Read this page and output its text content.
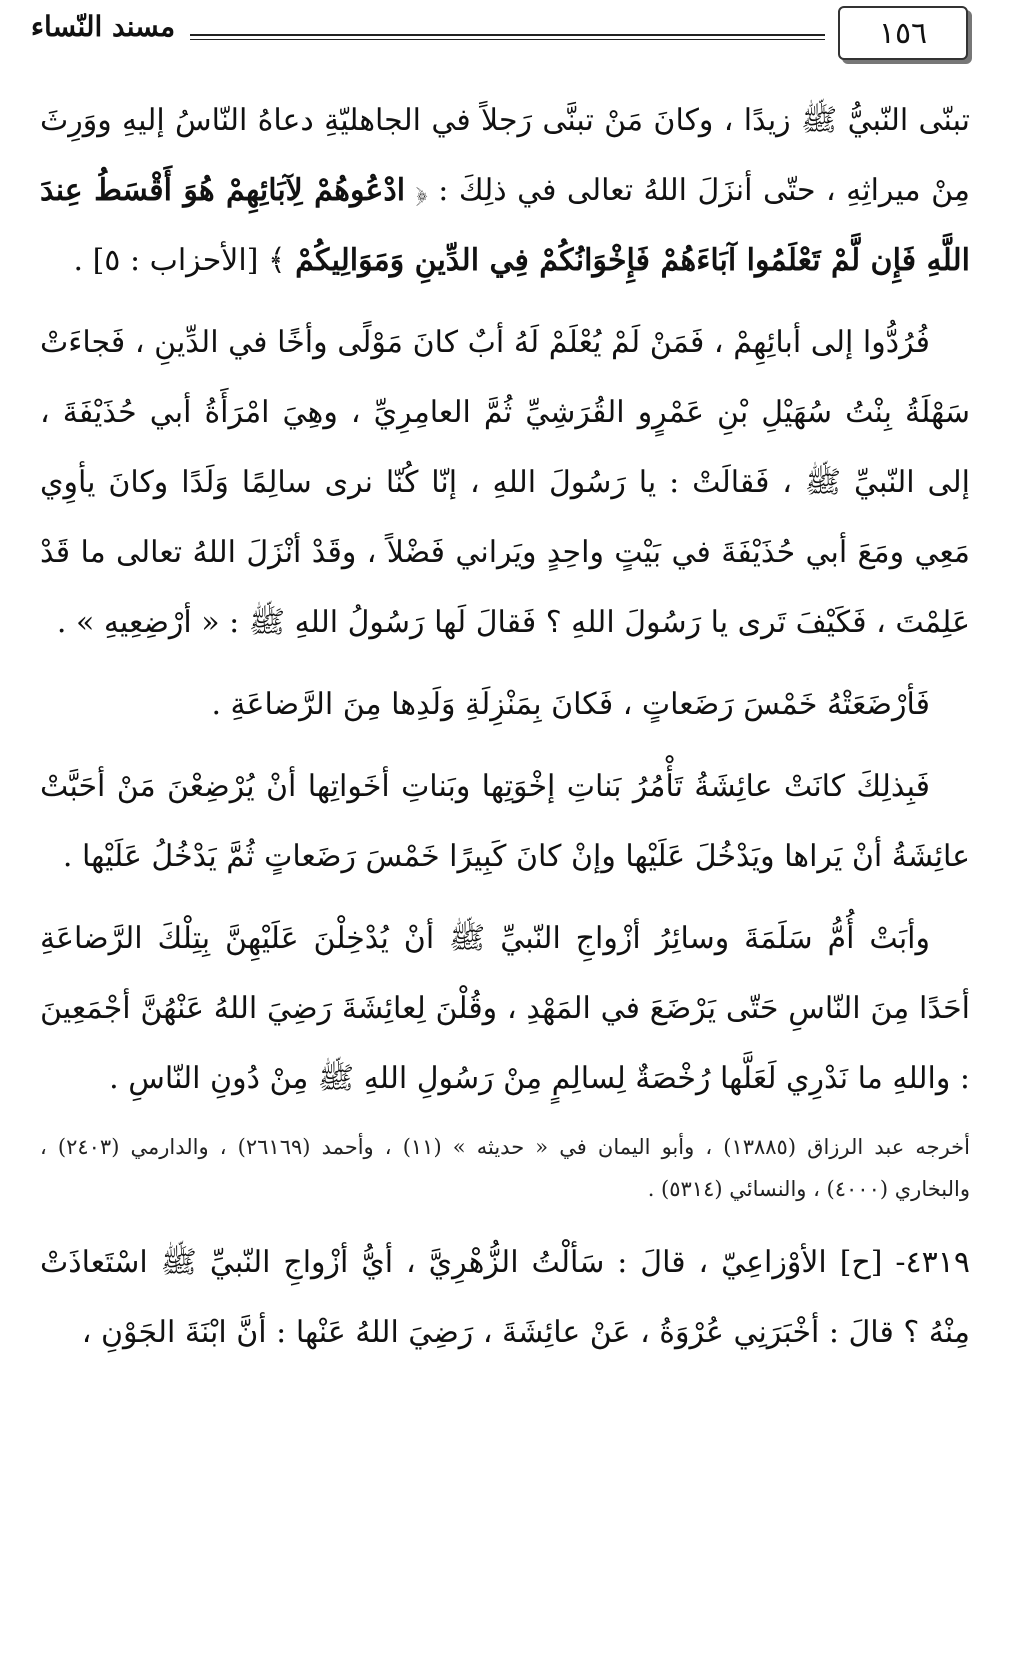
١٥٦
مسند النّساء

تبنّى النّبيُّ ﷺ زيدًا ، وكانَ مَنْ تبنَّى رَجلاً في الجاهليّةِ دعاهُ النّاسُ إليهِ ووَرِثَ مِنْ ميراثِهِ ، حتّى أنزَلَ اللهُ تعالى في ذلِكَ : ﴿ ادْعُوهُمْ لِآبَائِهِمْ هُوَ أَقْسَطُ عِندَ اللَّهِ فَإِن لَّمْ تَعْلَمُوا آبَاءَهُمْ فَإِخْوَانُكُمْ فِي الدِّينِ وَمَوَالِيكُمْ ﴾ [الأحزاب : ٥] .

فُرُدُّوا إلى أبائِهِمْ ، فَمَنْ لَمْ يُعْلَمْ لَهُ أبٌ كانَ مَوْلًى وأخًا في الدِّينِ ، فَجاءَتْ سَهْلَةُ بِنْتُ سُهَيْلِ بْنِ عَمْرٍو القُرَشِيِّ ثُمَّ العامِرِيِّ ، وهِيَ امْرَأَةُ أبي حُذَيْفَةَ ، إلى النّبيِّ ﷺ ، فَقالَتْ : يا رَسُولَ اللهِ ، إنّا كُنّا نرى سالِمًا وَلَدًا وكانَ يأوِي مَعِي ومَعَ أبي حُذَيْفَةَ في بَيْتٍ واحِدٍ ويَراني فَضْلاً ، وقَدْ أنْزَلَ اللهُ تعالى ما قَدْ عَلِمْتَ ، فَكَيْفَ تَرى يا رَسُولَ اللهِ ؟ فَقالَ لَها رَسُولُ اللهِ ﷺ : « أرْضِعِيهِ » .

فَأرْضَعَتْهُ خَمْسَ رَضَعاتٍ ، فَكانَ بِمَنْزِلَةِ وَلَدِها مِنَ الرَّضاعَةِ .

فَبِذلِكَ كانَتْ عائِشَةُ تَأْمُرُ بَناتِ إخْوَتِها وبَناتِ أخَواتِها أنْ يُرْضِعْنَ مَنْ أحَبَّتْ عائِشَةُ أنْ يَراها ويَدْخُلَ عَلَيْها وإنْ كانَ كَبِيرًا خَمْسَ رَضَعاتٍ ثُمَّ يَدْخُلُ عَلَيْها .

وأبَتْ أُمُّ سَلَمَةَ وسائِرُ أزْواجِ النّبيِّ ﷺ أنْ يُدْخِلْنَ عَلَيْهِنَّ بِتِلْكَ الرَّضاعَةِ أحَدًا مِنَ النّاسِ حَتّى يَرْضَعَ في المَهْدِ ، وقُلْنَ لِعائِشَةَ رَضِيَ اللهُ عَنْهُنَّ أجْمَعِينَ : واللهِ ما نَدْرِي لَعَلَّها رُخْصَةٌ لِسالِمٍ مِنْ رَسُولِ اللهِ ﷺ مِنْ دُونِ النّاسِ .

أخرجه عبد الرزاق (١٣٨٨٥) ، وأبو اليمان في « حديثه » (١١) ، وأحمد (٢٦١٦٩) ، والدارمي (٢٤٠٣) ، والبخاري (٤٠٠٠) ، والنسائي (٥٣١٤) .

٤٣١٩- [ح] الأوْزاعِيّ ، قالَ : سَألْتُ الزُّهْرِيَّ ، أيُّ أزْواجِ النّبيِّ ﷺ اسْتَعاذَتْ مِنْهُ ؟ قالَ : أخْبَرَنِي عُرْوَةُ ، عَنْ عائِشَةَ ، رَضِيَ اللهُ عَنْها : أنَّ ابْنَةَ الجَوْنِ ،
